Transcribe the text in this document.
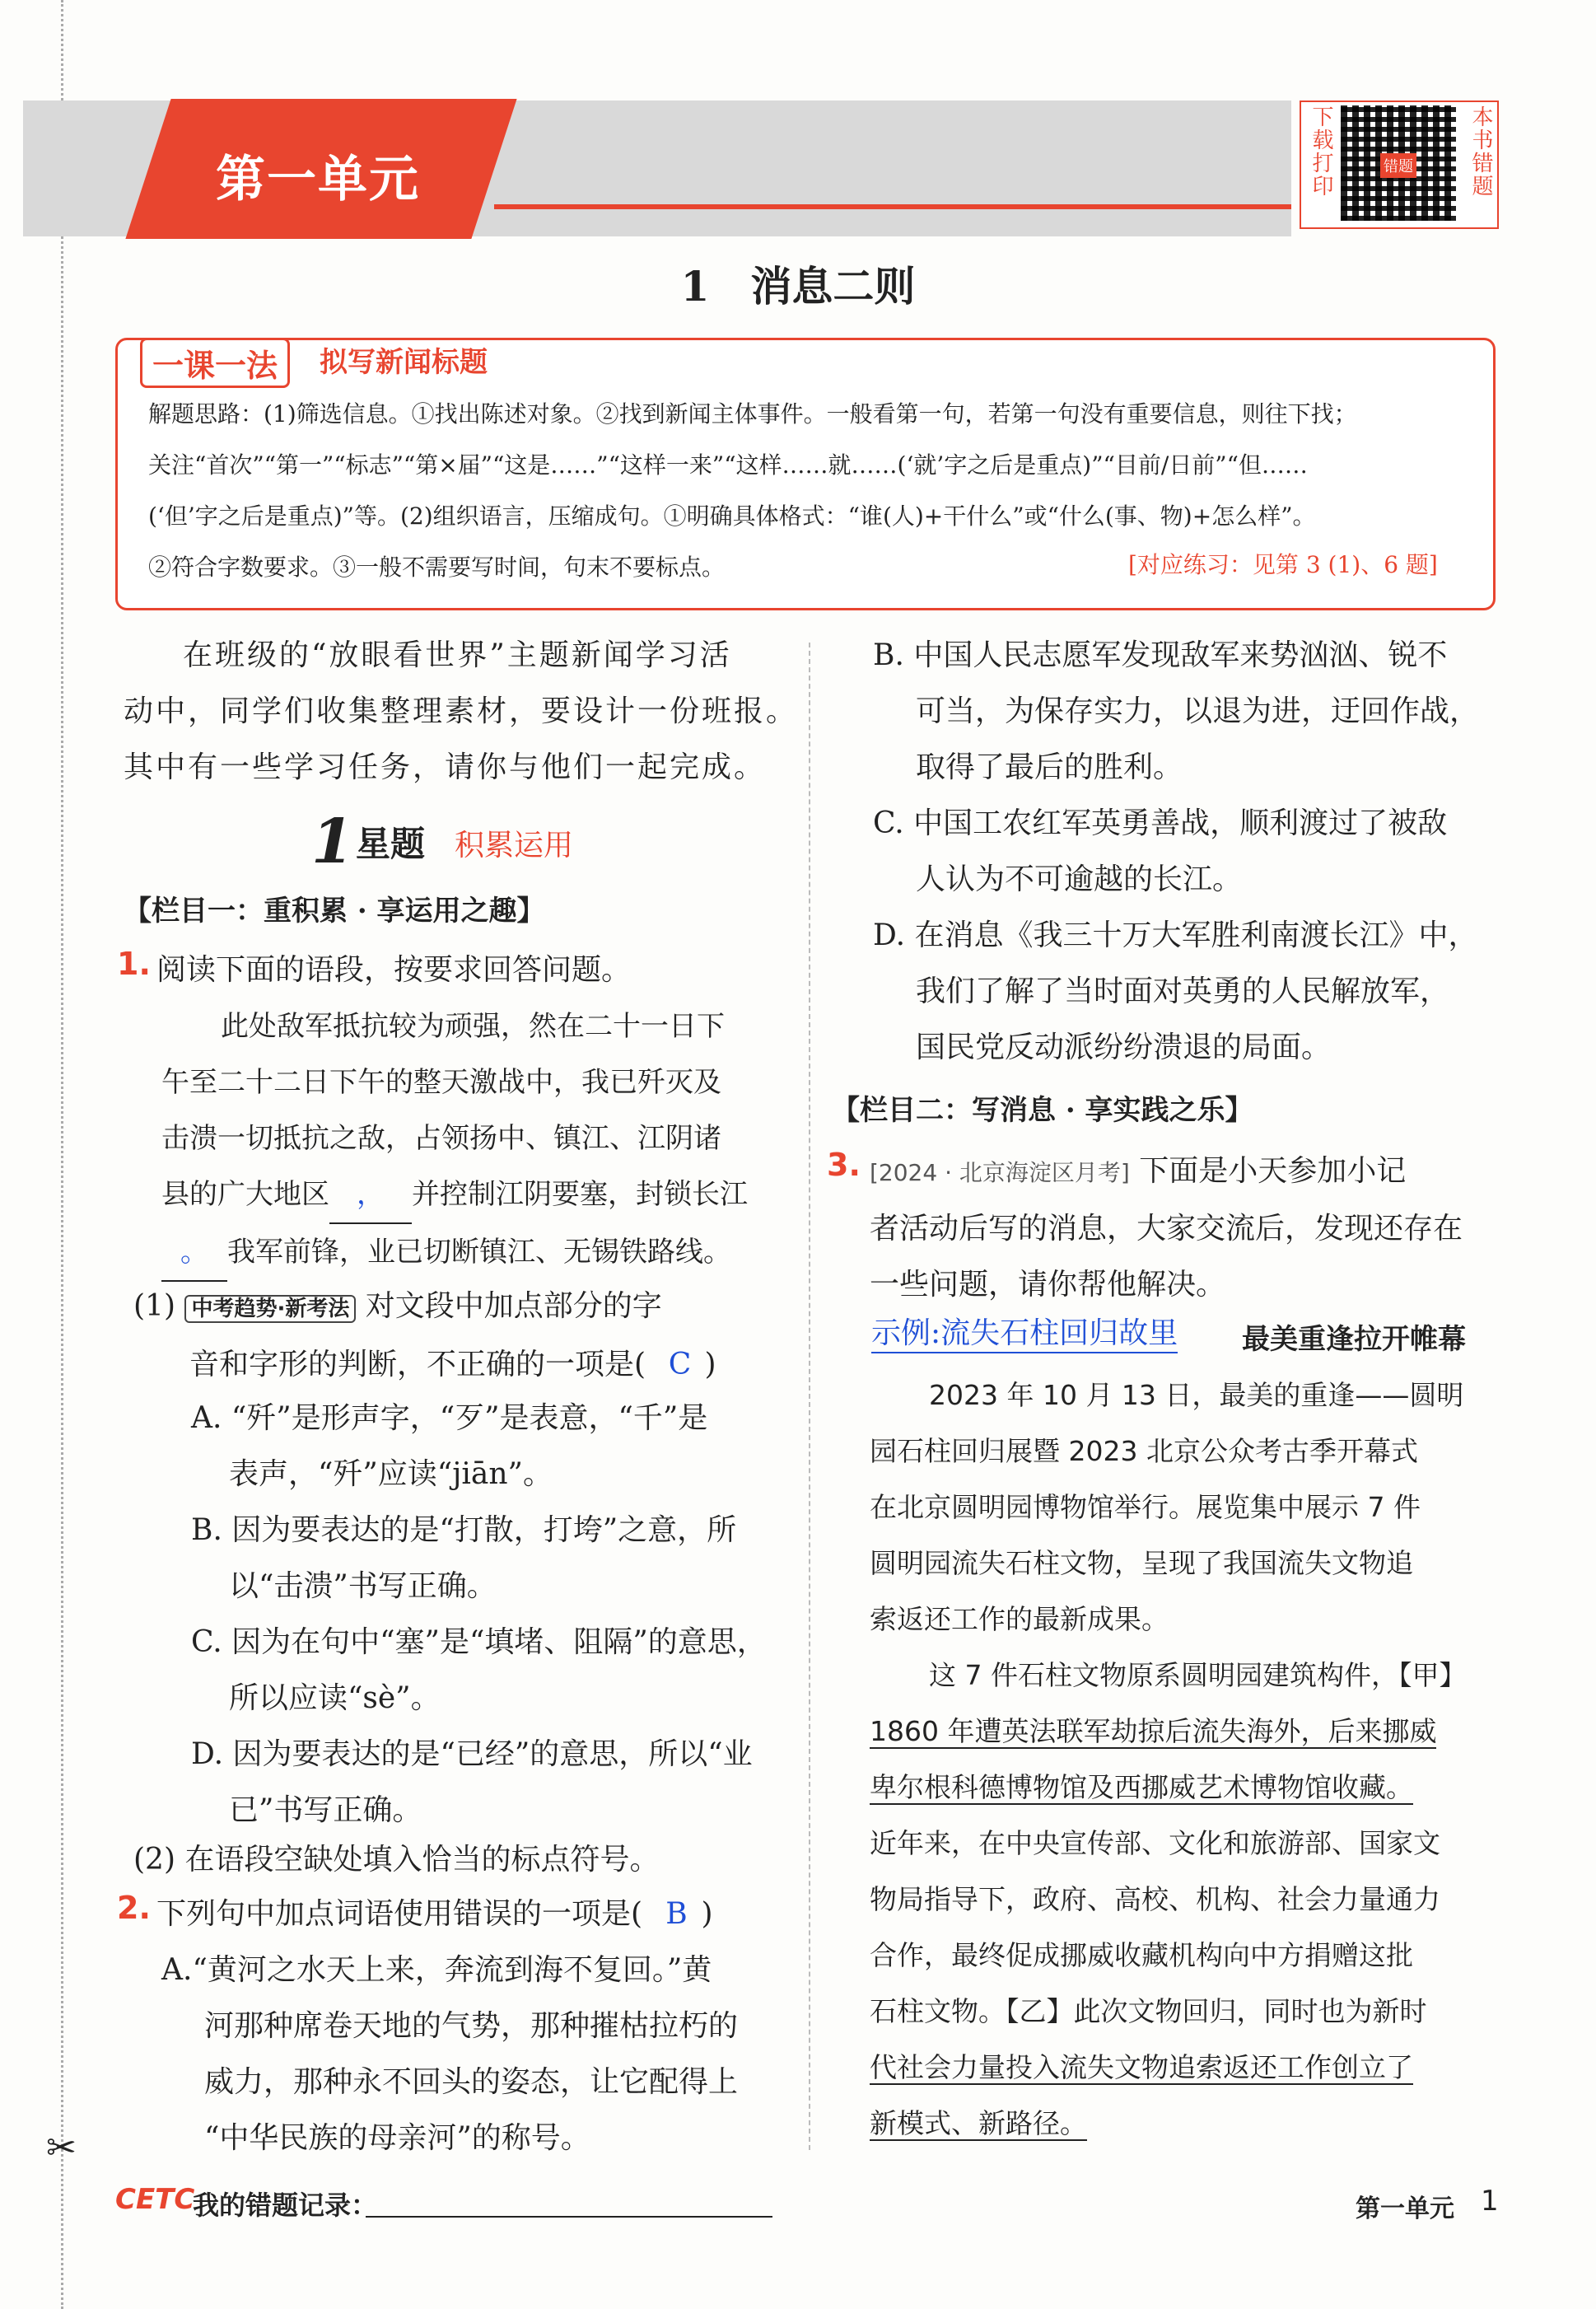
第一单元	下载打印	错题	本书错题
1　消息二则
一课一法	拟写新闻标题
解题思路：(1)筛选信息。①找出陈述对象。②找到新闻主体事件。一般看第一句，若第一句没有重要信息，则往下找；
关注“首次”“第一”“标志”“第×届”“这是……”“这样一来”“这样……就……(‘就’字之后是重点)”“目前/日前”“但……
(‘但’字之后是重点)”等。(2)组织语言，压缩成句。①明确具体格式：“谁(人)+干什么”或“什么(事、物)+怎么样”。
②符合字数要求。③一般不需要写时间，句末不要标点。	[对应练习：见第 3 (1)、6 题]
在班级的“放眼看世界”主题新闻学习活
动中，同学们收集整理素材，要设计一份班报。
其中有一些学习任务，请你与他们一起完成。
1 星题 积累运用
【栏目一：重积累 · 享运用之趣】
1. 阅读下面的语段，按要求回答问题。
此处敌军抵抗较为顽强，然在二十一日下
午至二十二日下午的整天激战中，我已歼灭及
击溃一切抵抗之敌，占领扬中、镇江、江阴诸
县的广大地区 ， 并控制江阴要塞，封锁长江
。 我军前锋，业已切断镇江、无锡铁路线。
(1) 中考趋势·新考法 对文段中加点部分的字
音和字形的判断，不正确的一项是( C )
A. “歼”是形声字，“歹”是表意，“千”是
表声，“歼”应读“jiān”。
B. 因为要表达的是“打散，打垮”之意，所
以“击溃”书写正确。
C. 因为在句中“塞”是“填堵、阻隔”的意思，
所以应读“sè”。
D. 因为要表达的是“已经”的意思，所以“业
已”书写正确。
(2) 在语段空缺处填入恰当的标点符号。
2. 下列句中加点词语使用错误的一项是( B )
A.“黄河之水天上来，奔流到海不复回。”黄
河那种席卷天地的气势，那种摧枯拉朽的
威力，那种永不回头的姿态，让它配得上
“中华民族的母亲河”的称号。
✂
B. 中国人民志愿军发现敌军来势汹汹、锐不
可当，为保存实力，以退为进，迂回作战，
取得了最后的胜利。
C. 中国工农红军英勇善战，顺利渡过了被敌
人认为不可逾越的长江。
D. 在消息《我三十万大军胜利南渡长江》中，
我们了解了当时面对英勇的人民解放军，
国民党反动派纷纷溃退的局面。
【栏目二：写消息 · 享实践之乐】
3. [2024 · 北京海淀区月考] 下面是小天参加小记
者活动后写的消息，大家交流后，发现还存在
一些问题，请你帮他解决。
示例:流失石柱回归故里 最美重逢拉开帷幕
2023 年 10 月 13 日，最美的重逢——圆明
园石柱回归展暨 2023 北京公众考古季开幕式
在北京圆明园博物馆举行。展览集中展示 7 件
圆明园流失石柱文物，呈现了我国流失文物追
索返还工作的最新成果。
这 7 件石柱文物原系圆明园建筑构件，【甲】
1860 年遭英法联军劫掠后流失海外，后来挪威
卑尔根科德博物馆及西挪威艺术博物馆收藏。
近年来，在中央宣传部、文化和旅游部、国家文
物局指导下，政府、高校、机构、社会力量通力
合作，最终促成挪威收藏机构向中方捐赠这批
石柱文物。【乙】此次文物回归，同时也为新时
代社会力量投入流失文物追索返还工作创立了
新模式、新路径。
CETC
我的错题记录：	第一单元 1
